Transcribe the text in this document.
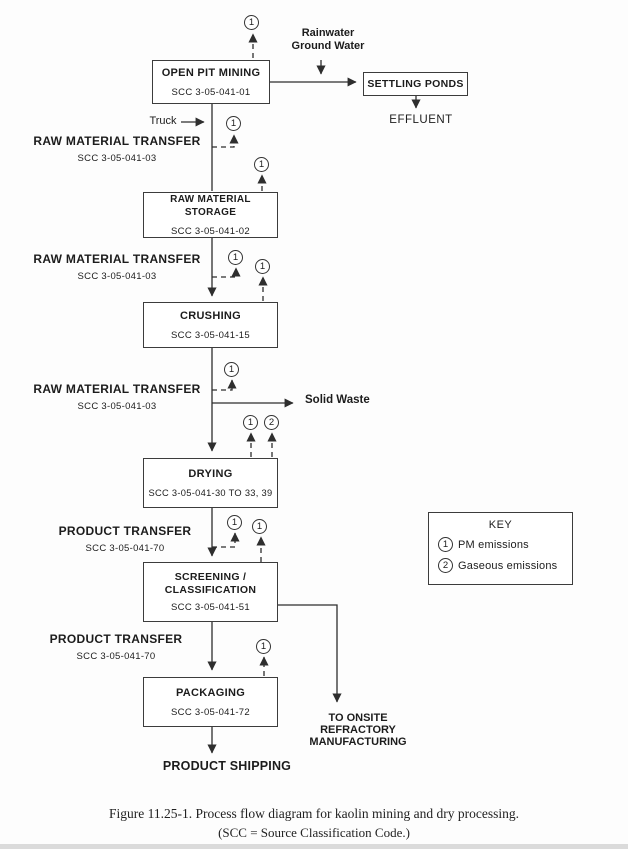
OPEN PIT MINING
SCC 3-05-041-01
SETTLING PONDS
RAW MATERIAL STORAGE
SCC 3-05-041-02
CRUSHING
SCC 3-05-041-15
DRYING
SCC 3-05-041-30 TO 33, 39
SCREENING /
CLASSIFICATION
SCC 3-05-041-51
PACKAGING
SCC 3-05-041-72
RAW MATERIAL TRANSFER
SCC 3-05-041-03
RAW MATERIAL TRANSFER
SCC 3-05-041-03
RAW MATERIAL TRANSFER
SCC 3-05-041-03
PRODUCT TRANSFER
SCC 3-05-041-70
PRODUCT TRANSFER
SCC 3-05-041-70
Rainwater
Ground Water
Truck	EFFLUENT
Solid Waste
TO ONSITE
REFRACTORY
MANUFACTURING
PRODUCT SHIPPING
1
1
1
1
1
1
1	2
1	1
1
KEY
1 PM emissions
2 Gaseous emissions
Figure 11.25-1. Process flow diagram for kaolin mining and dry processing.
(SCC = Source Classification Code.)
